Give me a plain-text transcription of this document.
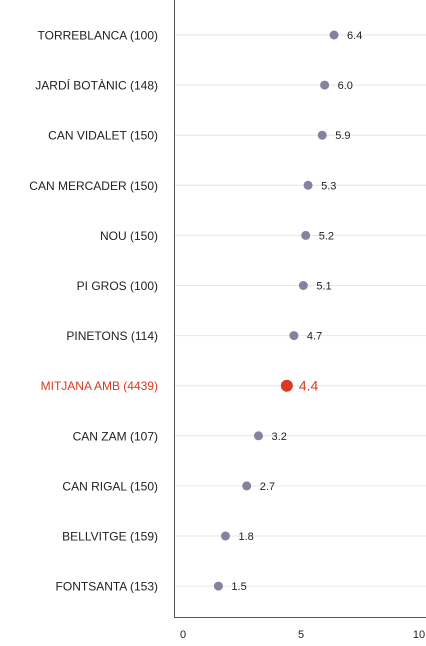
TORREBLANCA (100)
JARDÍ BOTÀNIC (148)
CAN VIDALET (150)
CAN MERCADER (150)
NOU (150)
PI GROS (100)
PINETONS (114)
MITJANA AMB (4439)
CAN ZAM (107)
CAN RIGAL (150)
BELLVITGE (159)
FONTSANTA (153)
6.4
6.0
5.9
5.3
5.2
5.1
4.7
4.4
3.2
2.7
1.8
1.5
0	5	10
